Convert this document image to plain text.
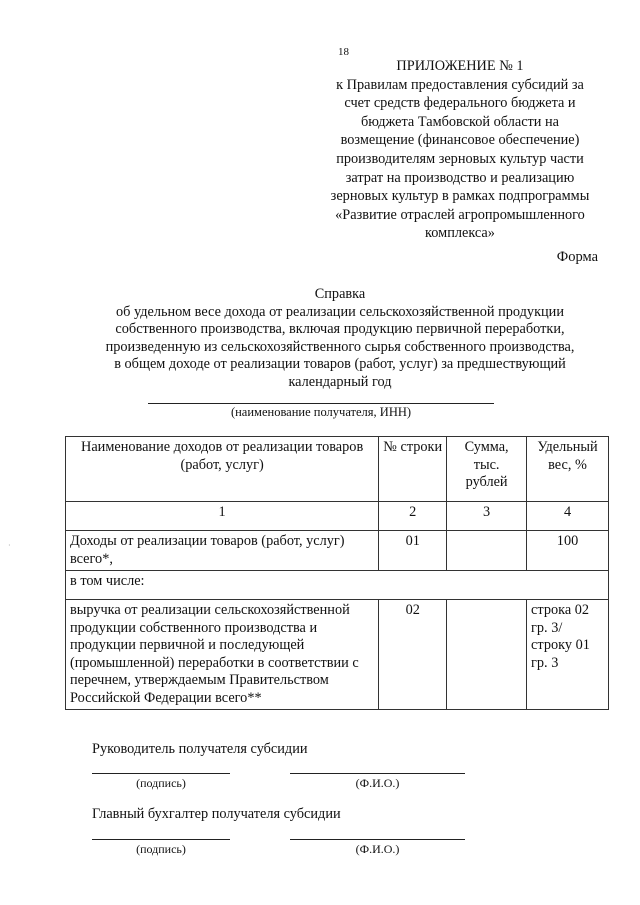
18
ПРИЛОЖЕНИЕ № 1
к Правилам предоставления субсидий за
счет средств федерального бюджета и
бюджета Тамбовской области на
возмещение (финансовое обеспечение)
производителям зерновых культур части
затрат на производство и реализацию
зерновых культур в рамках подпрограммы
«Развитие отраслей агропромышленного
комплекса»
Форма
Справка
об удельном весе дохода от реализации сельскохозяйственной продукции
собственного производства, включая продукцию первичной переработки,
произведенную из сельскохозяйственного сырья собственного производства,
в общем доходе от реализации товаров (работ, услуг) за предшествующий
календарный год
(наименование получателя, ИНН)
Наименование доходов от реализации товаров (работ, услуг)	№ строки	Сумма, тыс. рублей	Удельный вес, %
1	2	3	4
Доходы от реализации товаров (работ, услуг) всего*,	01		100
в том числе:			
выручка от реализации сельскохозяйственной продукции собственного производства и продукции первичной и последующей (промышленной) переработки в соответствии с перечнем, утверждаемым Правительством Российской Федерации всего**	02		строка 02 гр. 3/ строку 01 гр. 3
Руководитель получателя субсидии
(подпись)	(Ф.И.О.)
Главный бухгалтер получателя субсидии
(подпись)	(Ф.И.О.)
·
